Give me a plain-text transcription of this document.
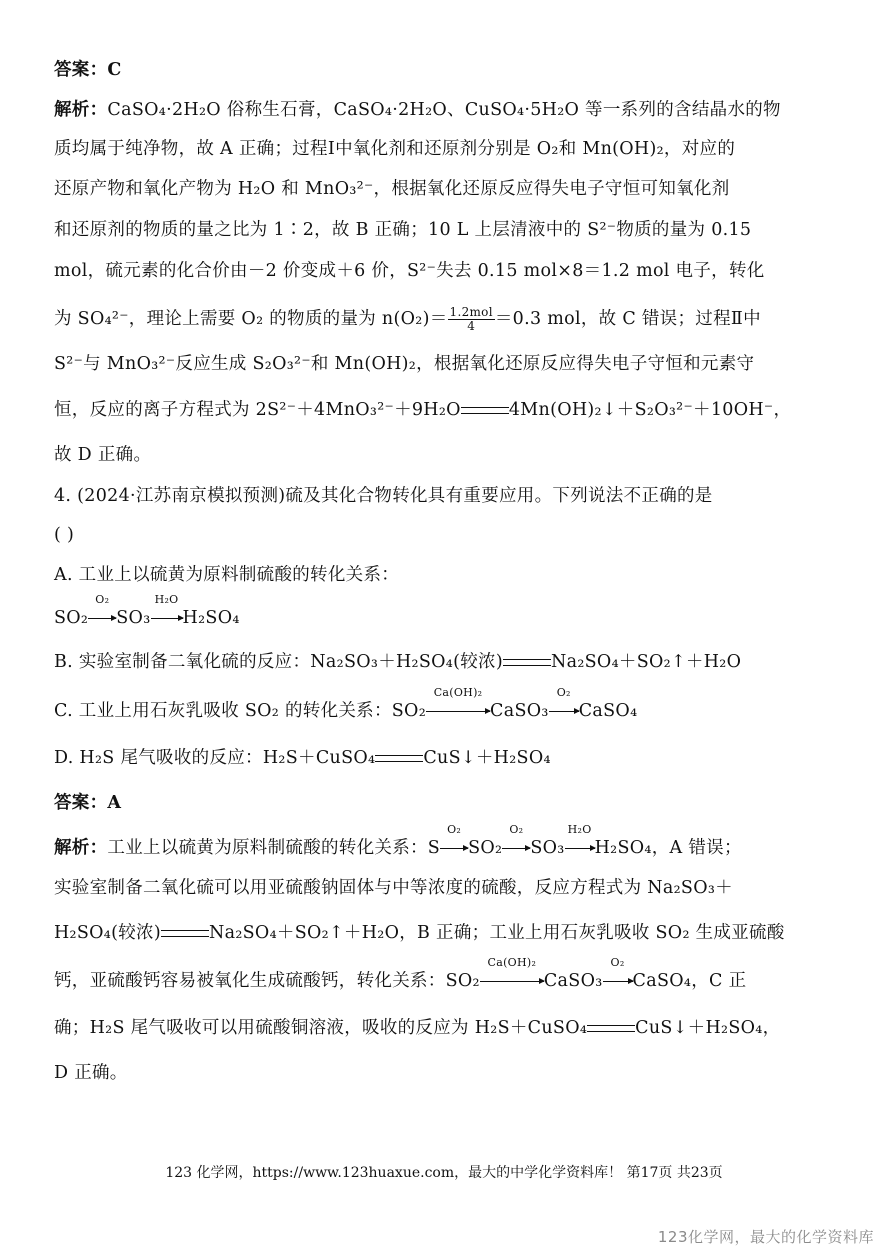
答案：C
解析：CaSO₄·2H₂O 俗称生石膏，CaSO₄·2H₂O、CuSO₄·5H₂O 等一系列的含结晶水的物
质均属于纯净物，故 A 正确；过程Ⅰ中氧化剂和还原剂分别是 O₂和 Mn(OH)₂，对应的
还原产物和氧化产物为 H₂O 和 MnO₃²⁻，根据氧化还原反应得失电子守恒可知氧化剂
和还原剂的物质的量之比为 1∶2，故 B 正确；10 L 上层清液中的 S²⁻物质的量为 0.15
mol，硫元素的化合价由－2 价变成＋6 价，S²⁻失去 0.15 mol×8＝1.2 mol 电子，转化
为 SO₄²⁻，理论上需要 O₂ 的物质的量为 $n(O_2)= \frac{\text{1.2mol}}{4} =0.3$ mol，故 C 错误；过程Ⅱ中
S²⁻与 MnO₃²⁻反应生成 S₂O₃²⁻和 Mn(OH)₂，根据氧化还原反应得失电子守恒和元素守
恒，反应的离子方程式为 2S²⁻＋4MnO₃²⁻＋9H₂O	4Mn(OH)₂↓＋S₂O₃²⁻＋10OH⁻，
故 D 正确。
4. (2024·江苏南京模拟预测)硫及其化合物转化具有重要应用。下列说法不正确的是
( )
A. 工业上以硫黄为原料制硫酸的转化关系：
SO₂
O₂
SO₃
H₂O
H₂SO₄
B. 实验室制备二氧化硫的反应：Na₂SO₃＋H₂SO₄(较浓)	Na₂SO₄＋SO₂↑＋H₂O
C. 工业上用石灰乳吸收 SO₂ 的转化关系：SO₂
Ca(OH)₂
CaSO₃
O₂
CaSO₄
D. H₂S 尾气吸收的反应：H₂S＋CuSO₄	CuS↓＋H₂SO₄
答案：A
解析：工业上以硫黄为原料制硫酸的转化关系：S
O₂
SO₂
O₂
SO₃
H₂O
H₂SO₄，A 错误；
实验室制备二氧化硫可以用亚硫酸钠固体与中等浓度的硫酸，反应方程式为 Na₂SO₃＋
H₂SO₄(较浓)	Na₂SO₄＋SO₂↑＋H₂O，B 正确；工业上用石灰乳吸收 SO₂ 生成亚硫酸
钙，亚硫酸钙容易被氧化生成硫酸钙，转化关系：SO₂
Ca(OH)₂
CaSO₃
O₂
CaSO₄，C 正
确；H₂S 尾气吸收可以用硫酸铜溶液，吸收的反应为 H₂S＋CuSO₄	CuS↓＋H₂SO₄，
D 正确。
123 化学网，https://www.123huaxue.com，最大的中学化学资料库！ 第17页 共23页
123化学网，最大的化学资料库
